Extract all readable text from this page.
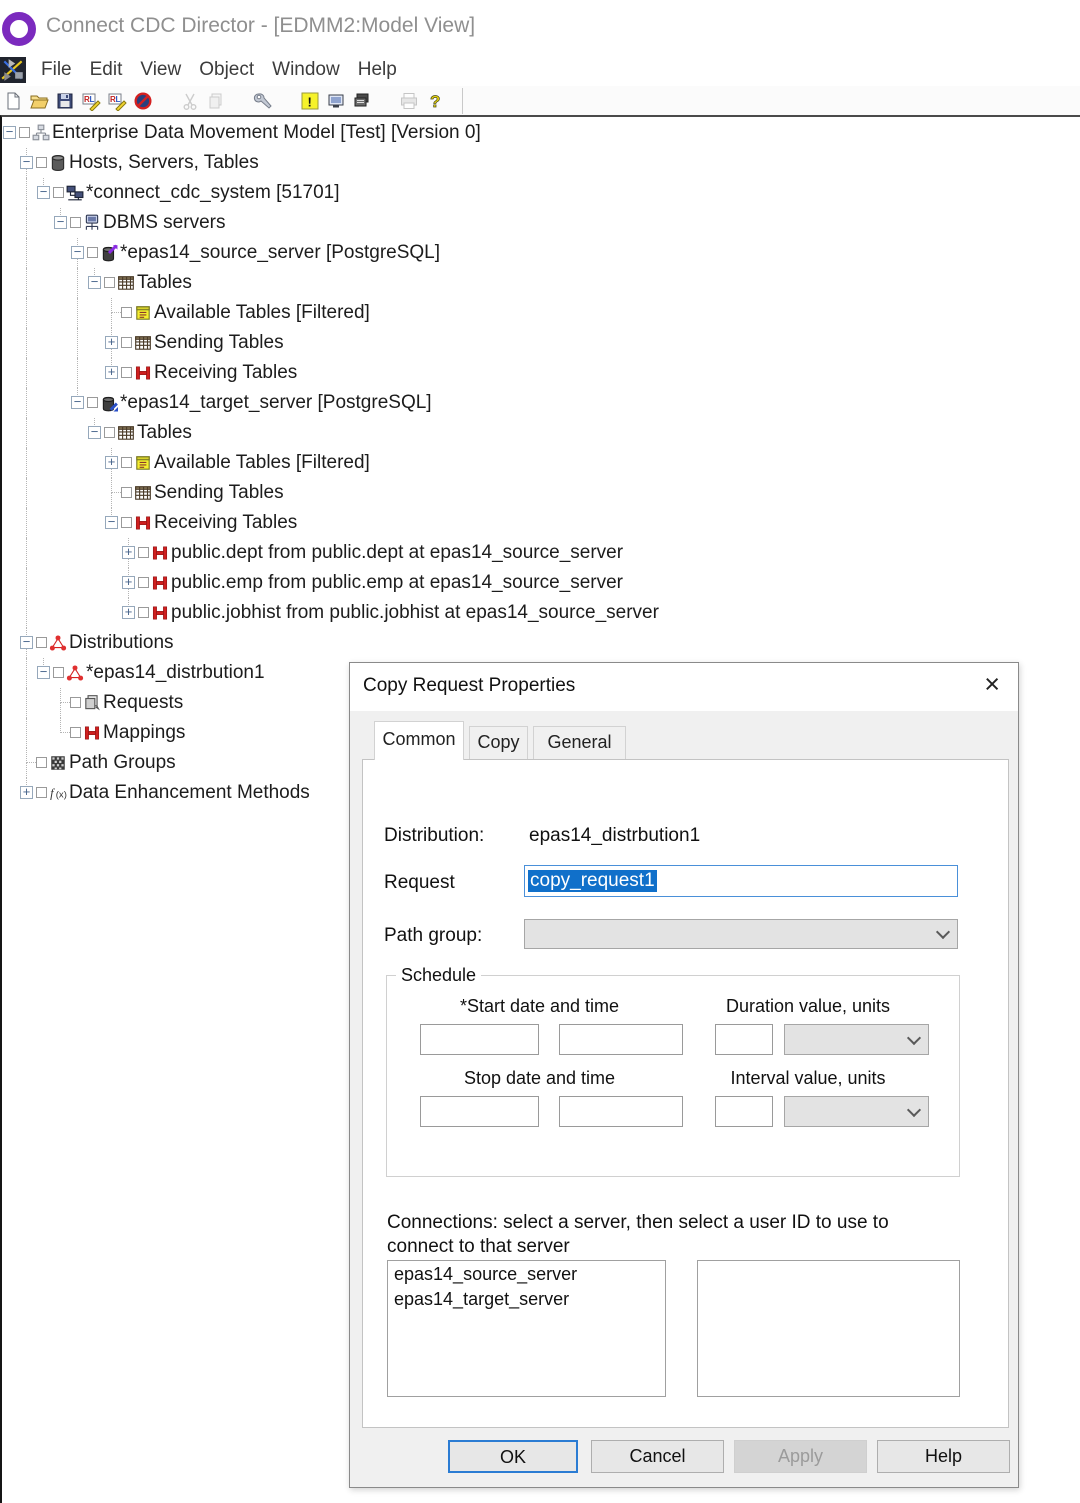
Connect CDC Director - [EDMM2:Model View]
File Edit View Object Window Help
R L R L	!	?
− Enterprise Data Movement Model [Test] [Version 0]
− Hosts, Servers, Tables
− *connect_cdc_system [51701]
− DBMS servers
− *epas14_source_server [PostgreSQL]
− Tables
Available Tables [Filtered]
+ Sending Tables
+ Receiving Tables
− *epas14_target_server [PostgreSQL]
− Tables
+ Available Tables [Filtered]
Sending Tables
− Receiving Tables
+ public.dept from public.dept at epas14_source_server
+ public.emp from public.emp at epas14_source_server
+ public.jobhist from public.jobhist at epas14_source_server
− Distributions
− *epas14_distrbution1
Requests
Mappings
Path Groups
+ f (x) Data Enhancement Methods
Copy Request Properties	×
Common	Copy	General
Distribution: epas14_distrbution1
Request	copy_request1
Path group:
Schedule
*Start date and time	Duration value, units
Stop date and time	Interval value, units
Connections: select a server, then select a user ID to use to
connect to that server
epas14_source_server
epas14_target_server
OK	Cancel	Apply	Help
